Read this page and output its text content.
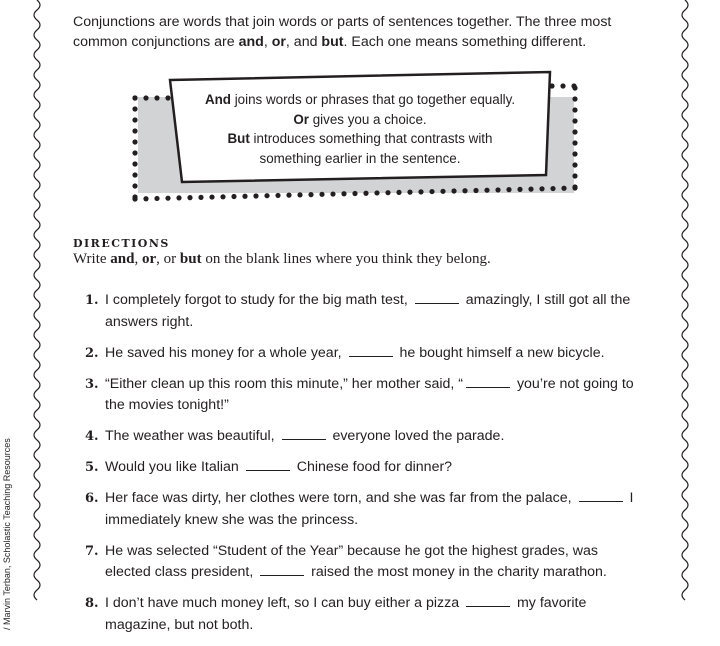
Conjunctions are words that join words or parts of sentences together. The three most common conjunctions are and, or, and but. Each one means something different.
And joins words or phrases that go together equally.
Or gives you a choice.
But introduces something that contrasts with
something earlier in the sentence.
DIRECTIONS
Write and, or, or but on the blank lines where you think they belong.
1. I completely forgot to study for the big math test,	amazingly, I still got all the answers right.
2. He saved his money for a whole year,	he bought himself a new bicycle.
3. “Either clean up this room this minute,” her mother said, “	you’re not going to the movies tonight!”
4. The weather was beautiful,	everyone loved the parade.
5. Would you like Italian	Chinese food for dinner?
6. Her face was dirty, her clothes were torn, and she was far from the palace,	I immediately knew she was the princess.
7. He was selected “Student of the Year” because he got the highest grades, was elected class president,	raised the most money in the charity marathon.
8. I don’t have much money left, so I can buy either a pizza	my favorite magazine, but not both.
/ Marvin Terban, Scholastic Teaching Resources
